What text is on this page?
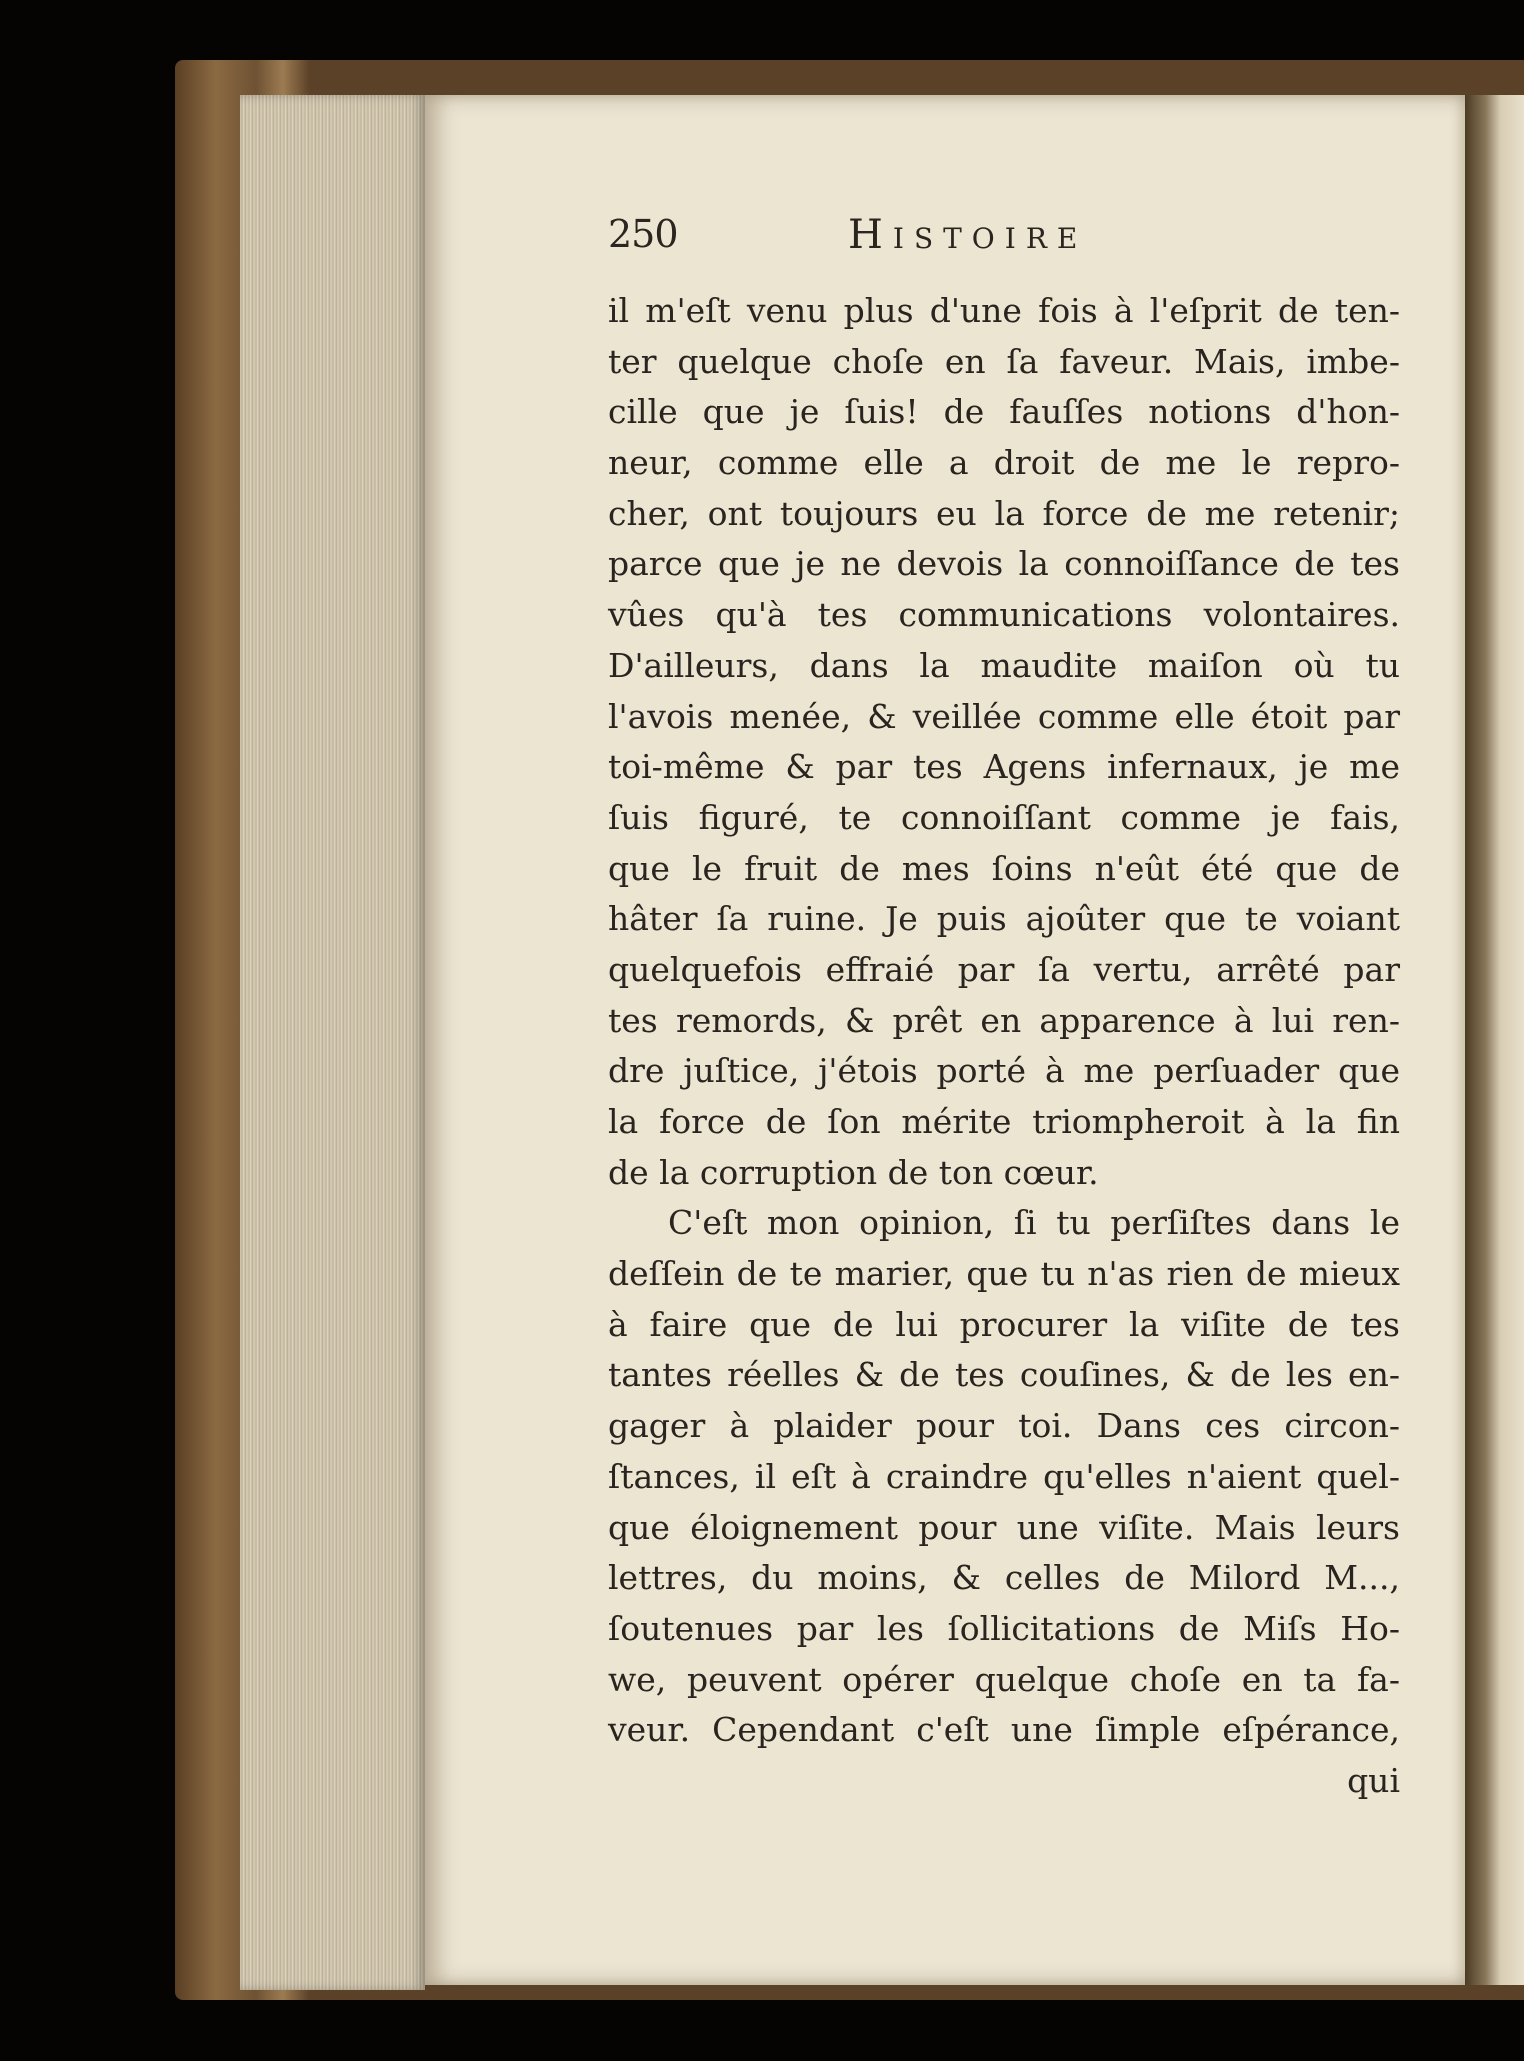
250	Histoire
il m'eſt venu plus d'une fois à l'eſprit de ten-
ter quelque choſe en ſa faveur. Mais, imbe-
cille que je ſuis! de fauſſes notions d'hon-
neur, comme elle a droit de me le repro-
cher, ont toujours eu la force de me retenir;
parce que je ne devois la connoiſſance de tes
vûes qu'à tes communications volontaires.
D'ailleurs, dans la maudite maiſon où tu
l'avois menée, & veillée comme elle étoit par
toi-même & par tes Agens infernaux, je me
ſuis figuré, te connoiſſant comme je fais,
que le fruit de mes ſoins n'eût été que de
hâter ſa ruine. Je puis ajoûter que te voiant
quelquefois effraié par ſa vertu, arrêté par
tes remords, & prêt en apparence à lui ren-
dre juſtice, j'étois porté à me perſuader que
la force de ſon mérite triompheroit à la fin
de la corruption de ton cœur.
C'eſt mon opinion, ſi tu perſiſtes dans le
deſſein de te marier, que tu n'as rien de mieux
à faire que de lui procurer la viſite de tes
tantes réelles & de tes couſines, & de les en-
gager à plaider pour toi. Dans ces circon-
ſtances, il eſt à craindre qu'elles n'aient quel-
que éloignement pour une viſite. Mais leurs
lettres, du moins, & celles de Milord M...,
ſoutenues par les ſollicitations de Miſs Ho-
we, peuvent opérer quelque choſe en ta fa-
veur. Cependant c'eſt une ſimple eſpérance,
qui
